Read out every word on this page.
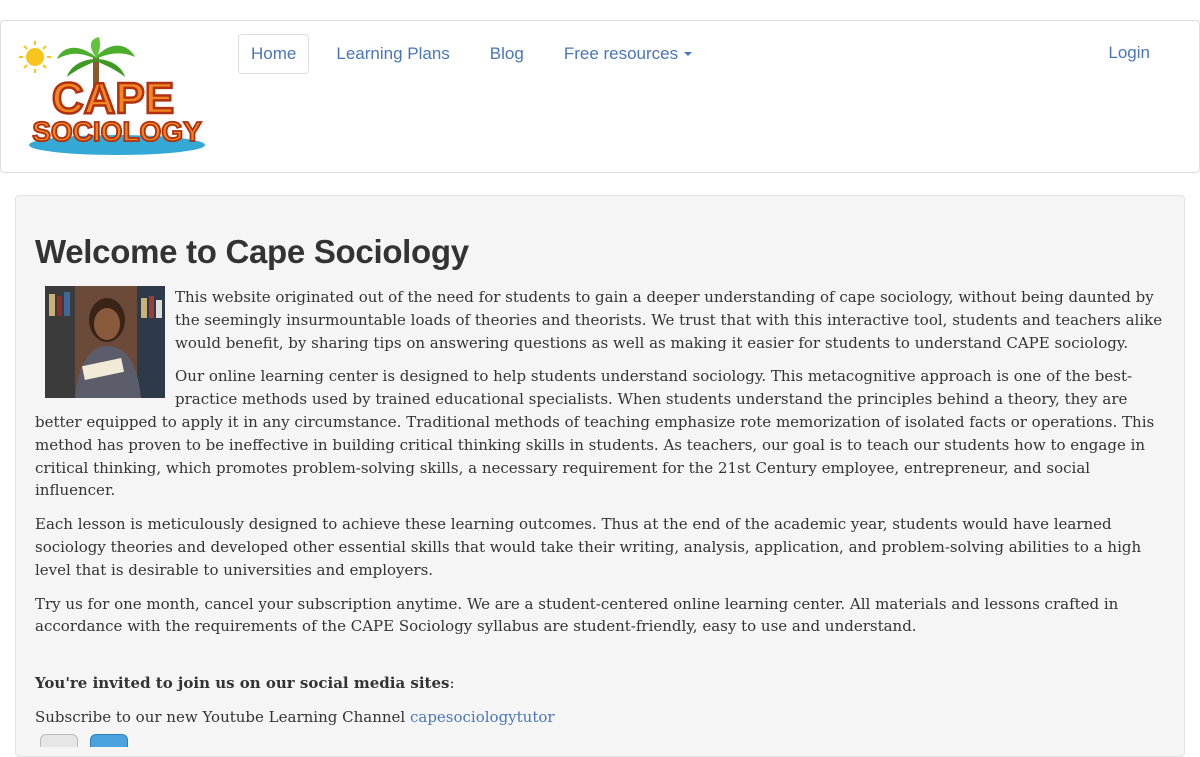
CAPE
SOCIOLOGY
Home Learning Plans Blog Free resources	Login
Welcome to Cape Sociology

This website originated out of the need for students to gain a deeper understanding of cape sociology, without being daunted by the seemingly insurmountable loads of theories and theorists. We trust that with this interactive tool, students and teachers alike would benefit, by sharing tips on answering questions as well as making it easier for students to understand CAPE sociology.

Our online learning center is designed to help students understand sociology. This metacognitive approach is one of the best-practice methods used by trained educational specialists. When students understand the principles behind a theory, they are better equipped to apply it in any circumstance. Traditional methods of teaching emphasize rote memorization of isolated facts or operations. This method has proven to be ineffective in building critical thinking skills in students. As teachers, our goal is to teach our students how to engage in critical thinking, which promotes problem-solving skills, a necessary requirement for the 21st Century employee, entrepreneur, and social influencer.

Each lesson is meticulously designed to achieve these learning outcomes. Thus at the end of the academic year, students would have learned sociology theories and developed other essential skills that would take their writing, analysis, application, and problem-solving abilities to a high level that is desirable to universities and employers.

Try us for one month, cancel your subscription anytime. We are a student-centered online learning center. All materials and lessons crafted in accordance with the requirements of the CAPE Sociology syllabus are student-friendly, easy to use and understand.

You're invited to join us on our social media sites:

Subscribe to our new Youtube Learning Channel capesociologytutor
